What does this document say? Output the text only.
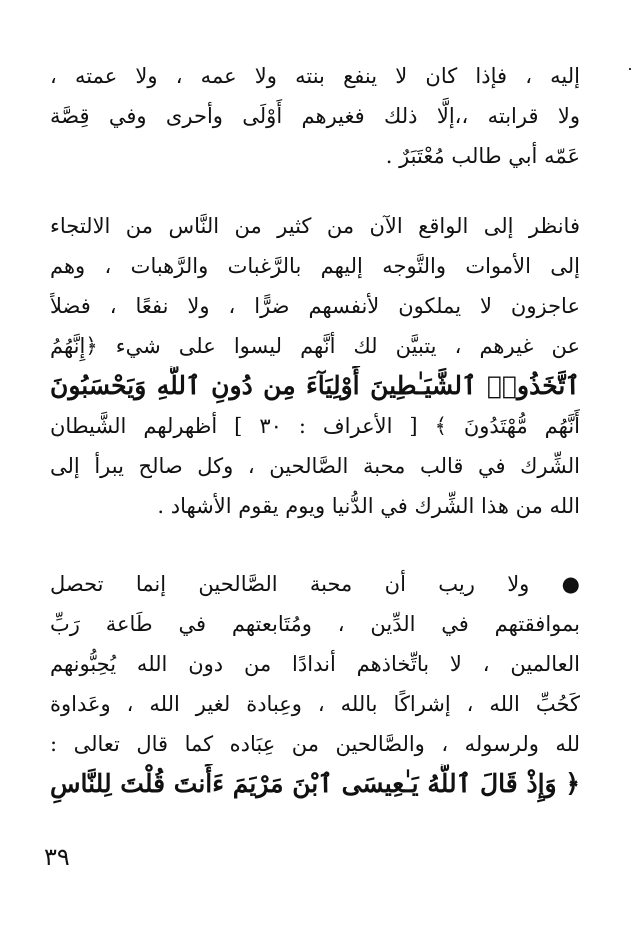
إليه ، فإذا كان لا ينفع بنته ولا عمه ، ولا عمته ،
ولا قرابته ،،إلَّا ذلك فغيرهم أَوْلَى وأحرى وفي قِصَّة
عَمّه أبي طالب مُعْتَبَرٌ .
فانظر إلى الواقع الآن من كثير من النَّاس من الالتجاء
إلى الأموات والتَّوجه إليهم بالرَّغبات والرَّهبات ، وهم
عاجزون لا يملكون لأنفسهم ضرًّا ، ولا نفعًا ، فضلاً
عن غيرهم ، يتبيَّن لك أنَّهم ليسوا على شيء ﴿إِنَّهُمُ
ٱتَّخَذُوا۟ ٱلشَّيَـٰطِينَ أَوْلِيَآءَ مِن دُونِ ٱللَّهِ وَيَحْسَبُونَ
أَنَّهُم مُّهْتَدُونَ ﴾ [ الأعراف : ٣٠ ] أظهرلهم الشَّيطان
الشِّرك في قالب محبة الصَّالحين ، وكل صالح يبرأ إلى
الله من هذا الشِّرك في الدُّنيا ويوم يقوم الأشهاد .
● ولا ريب أن محبة الصَّالحين إنما تحصل
بموافقتهم في الدِّين ، ومُتَابعتهم في طَاعة رَبِّ
العالمين ، لا باتِّخاذهم أندادًا من دون الله يُحِبُّونهم
كَحُبِّ الله ، إشراكًا بالله ، وعِبادة لغير الله ، وعَداوة
لله ولرسوله ، والصَّالحين من عِبَاده كما قال تعالى :
﴿ وَإِذْ قَالَ ٱللَّهُ يَـٰعِيسَى ٱبْنَ مَرْيَمَ ءَأَنتَ قُلْتَ لِلنَّاسِ
٣٩
